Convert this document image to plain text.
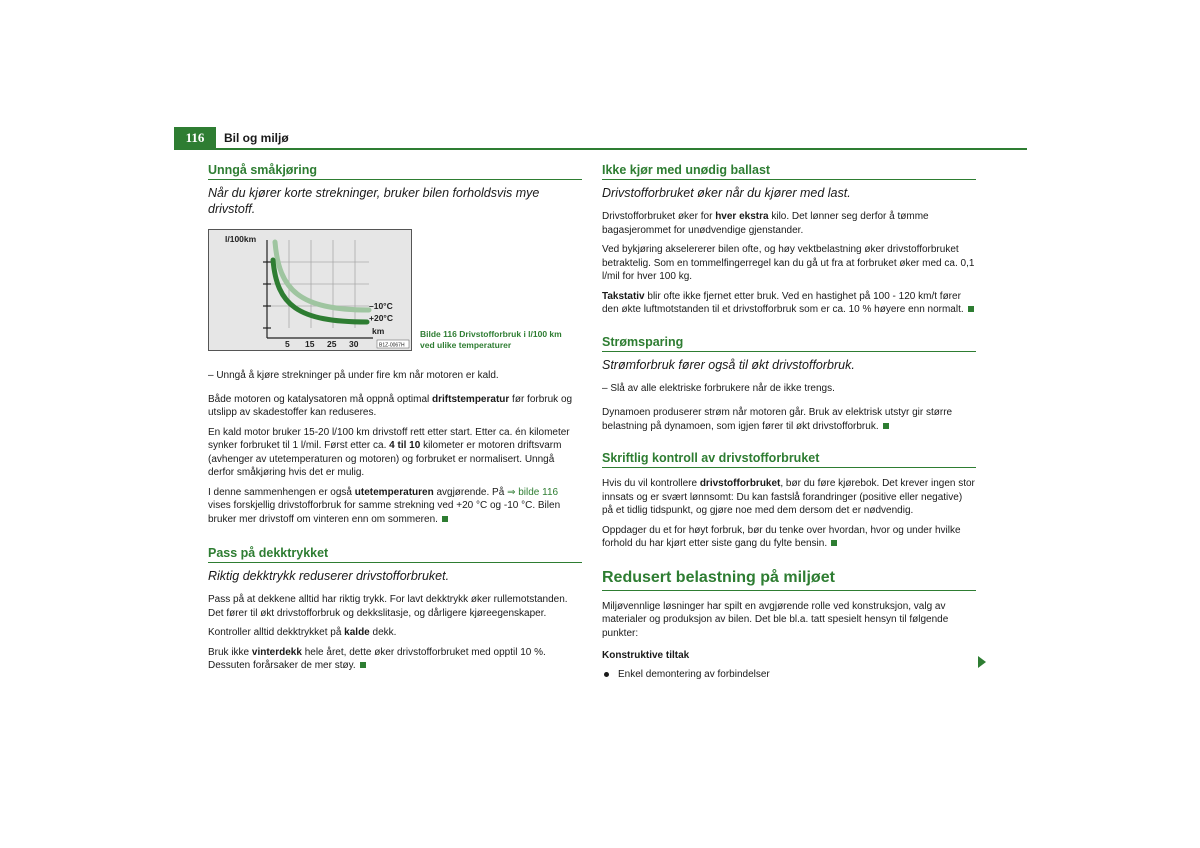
116	Bil og miljø
Unngå småkjøring

Når du kjører korte strekninger, bruker bilen forholdsvis mye drivstoff.

l/100km
–10°C
+20°C
km
5 15 25 30	B1Z-0067H
Bilde 116 Drivstofforbruk i l/100 km
ved ulike temperaturer

– Unngå å kjøre strekninger på under fire km når motoren er kald.

Både motoren og katalysatoren må oppnå optimal driftstemperatur før forbruk og utslipp av skadestoffer kan reduseres.

En kald motor bruker 15-20 l/100 km drivstoff rett etter start. Etter ca. én kilometer synker forbruket til 1 l/mil. Først etter ca. 4 til 10 kilometer er motoren driftsvarm (avhenger av utetemperaturen og motoren) og forbruket er normalisert. Unngå derfor småkjøring hvis det er mulig.

I denne sammenhengen er også utetemperaturen avgjørende. På ⇒ bilde 116 vises forskjellig drivstofforbruk for samme strekning ved +20 °C og -10 °C. Bilen bruker mer drivstoff om vinteren enn om sommeren.

Pass på dekktrykket

Riktig dekktrykk reduserer drivstofforbruket.

Pass på at dekkene alltid har riktig trykk. For lavt dekktrykk øker rullemotstanden. Det fører til økt drivstofforbruk og dekkslitasje, og dårligere kjøreegenskaper.

Kontroller alltid dekktrykket på kalde dekk.

Bruk ikke vinterdekk hele året, dette øker drivstofforbruket med opptil 10 %. Dessuten forårsaker de mer støy.

Ikke kjør med unødig ballast

Drivstofforbruket øker når du kjører med last.

Drivstofforbruket øker for hver ekstra kilo. Det lønner seg derfor å tømme bagasjerommet for unødvendige gjenstander.

Ved bykjøring akselererer bilen ofte, og høy vektbelastning øker drivstofforbruket betraktelig. Som en tommelfingerregel kan du gå ut fra at forbruket øker med ca. 0,1 l/mil for hver 100 kg.

Takstativ blir ofte ikke fjernet etter bruk. Ved en hastighet på 100 - 120 km/t fører den økte luftmotstanden til et drivstofforbruk som er ca. 10 % høyere enn normalt.

Strømsparing

Strømforbruk fører også til økt drivstofforbruk.

– Slå av alle elektriske forbrukere når de ikke trengs.

Dynamoen produserer strøm når motoren går. Bruk av elektrisk utstyr gir større belastning på dynamoen, som igjen fører til økt drivstofforbruk.

Skriftlig kontroll av drivstofforbruket

Hvis du vil kontrollere drivstofforbruket, bør du føre kjørebok. Det krever ingen stor innsats og er svært lønnsomt: Du kan fastslå forandringer (positive eller negative) på et tidlig tidspunkt, og gjøre noe med dem dersom det er nødvendig.

Oppdager du et for høyt forbruk, bør du tenke over hvordan, hvor og under hvilke forhold du har kjørt etter siste gang du fylte bensin.

Redusert belastning på miljøet

Miljøvennlige løsninger har spilt en avgjørende rolle ved konstruksjon, valg av materialer og produksjon av bilen. Det ble bl.a. tatt spesielt hensyn til følgende punkter:

Konstruktive tiltak

Enkel demontering av forbindelser
